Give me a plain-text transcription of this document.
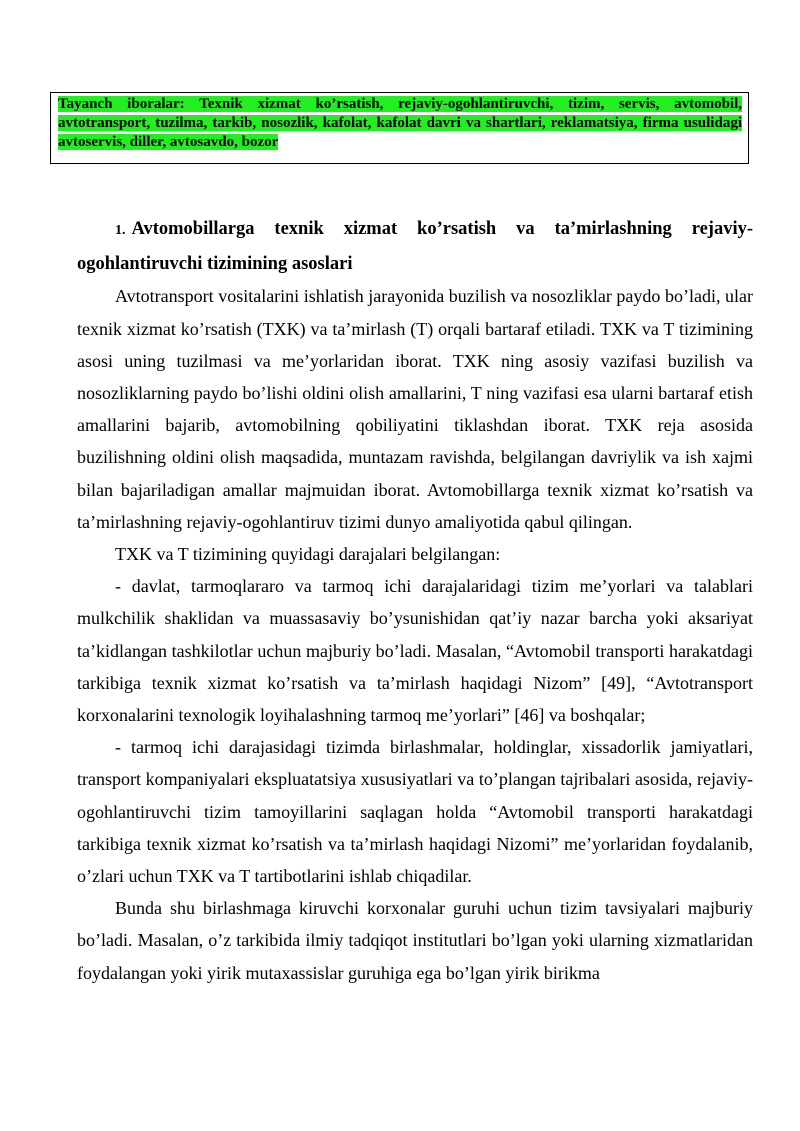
Tayanch iboralar: Texnik xizmat ko’rsatish, rejaviy-ogohlantiruvchi, tizim, servis, avtomobil, avtotransport, tuzilma, tarkib, nosozlik, kafolat, kafolat davri va shartlari, reklamatsiya, firma usulidagi avtoservis, diller, avtosavdo, bozor

1. Avtomobillarga texnik xizmat ko’rsatish va ta’mirlashning rejaviy-ogohlantiruvchi tizimining asoslari

Avtotransport vositalarini ishlatish jarayonida buzilish va nosozliklar paydo bo’ladi, ular texnik xizmat ko’rsatish (TXK) va ta’mirlash (T) orqali bartaraf etiladi. TXK va T tizimining asosi uning tuzilmasi va me’yorlaridan iborat. TXK ning asosiy vazifasi buzilish va nosozliklarning paydo bo’lishi oldini olish amallarini, T ning vazifasi esa ularni bartaraf etish amallarini bajarib, avtomobilning qobiliyatini tiklashdan iborat. TXK reja asosida buzilishning oldini olish maqsadida, muntazam ravishda, belgilangan davriylik va ish xajmi bilan bajariladigan amallar majmuidan iborat. Avtomobillarga texnik xizmat ko’rsatish va ta’mirlashning rejaviy-ogohlantiruv tizimi dunyo amaliyotida qabul qilingan.

TXK va T tizimining quyidagi darajalari belgilangan:

- davlat, tarmoqlararo va tarmoq ichi darajalaridagi tizim me’yorlari va talablari mulkchilik shaklidan va muassasaviy bo’ysunishidan qat’iy nazar barcha yoki aksariyat ta’kidlangan tashkilotlar uchun majburiy bo’ladi. Masalan, “Avtomobil transporti harakatdagi tarkibiga texnik xizmat ko’rsatish va ta’mirlash haqidagi Nizom” [49], “Avtotransport korxonalarini texnologik loyihalashning tarmoq me’yorlari” [46] va boshqalar;

- tarmoq ichi darajasidagi tizimda birlashmalar, holdinglar, xissadorlik jamiyatlari, transport kompaniyalari ekspluatatsiya xususiyatlari va to’plangan tajribalari asosida, rejaviy-ogohlantiruvchi tizim tamoyillarini saqlagan holda “Avtomobil transporti harakatdagi tarkibiga texnik xizmat ko’rsatish va ta’mirlash haqidagi Nizomi” me’yorlaridan foydalanib, o’zlari uchun TXK va T tartibotlarini ishlab chiqadilar.

Bunda shu birlashmaga kiruvchi korxonalar guruhi uchun tizim tavsiyalari majburiy bo’ladi. Masalan, o’z tarkibida ilmiy tadqiqot institutlari bo’lgan yoki ularning xizmatlaridan foydalangan yoki yirik mutaxassislar guruhiga ega bo’lgan yirik birikma
